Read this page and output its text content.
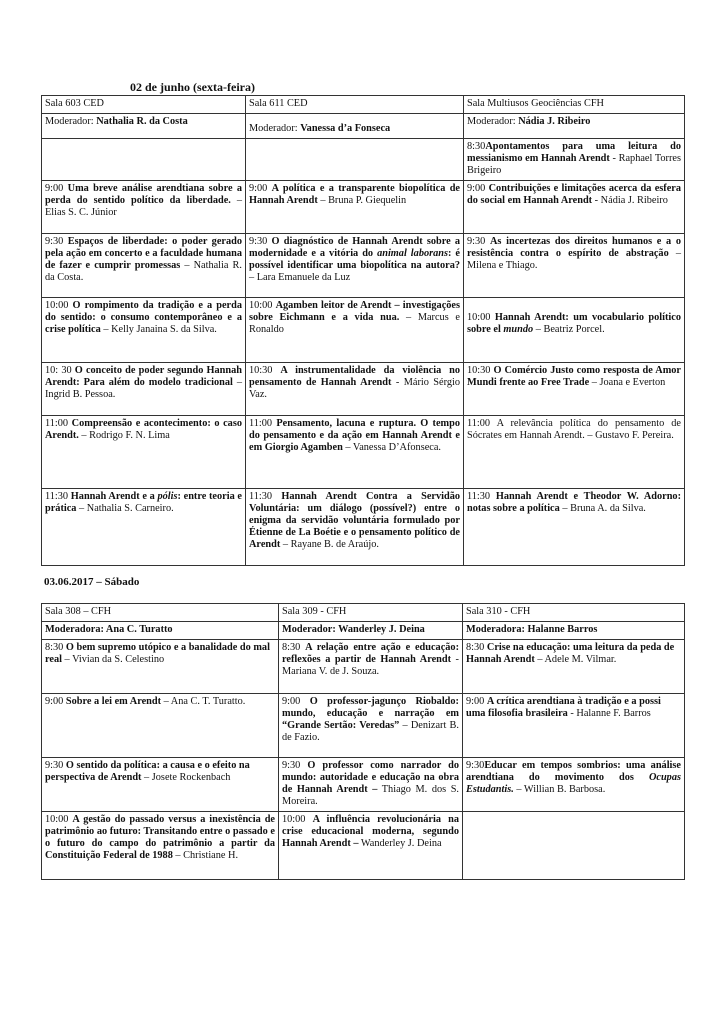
02 de junho (sexta-feira)
Sala 603 CED	Sala 611 CED	Sala Multiusos Geociências CFH
Moderador: Nathalia R. da Costa	Moderador: Vanessa d’a Fonseca	Moderador: Nádia J. Ribeiro
		8:30Apontamentos para uma leitura do messianismo em Hannah Arendt - Raphael Torres Brigeiro
9:00 Uma breve análise arendtiana sobre a perda do sentido político da liberdade. – Elias S. C. Júnior	9:00 A política e a transparente biopolítica de Hannah Arendt – Bruna P. Giequelin	9:00 Contribuições e limitações acerca da esfera do social em Hannah Arendt - Nádia J. Ribeiro
9:30 Espaços de liberdade: o poder gerado pela ação em concerto e a faculdade humana de fazer e cumprir promessas – Nathalia R. da Costa.	9:30 O diagnóstico de Hannah Arendt sobre a modernidade e a vitória do animal laborans: é possível identificar uma biopolítica na autora? – Lara Emanuele da Luz	9:30 As incertezas dos direitos humanos e a o resistência contra o espírito de abstração – Milena e Thiago.
10:00 O rompimento da tradição e a perda do sentido: o consumo contemporâneo e a crise política – Kelly Janaina S. da Silva.	10:00 Agamben leitor de Arendt – investigações sobre Eichmann e a vida nua. – Marcus e Ronaldo	10:00 Hannah Arendt: um vocabulario político sobre el mundo – Beatriz Porcel.
10: 30 O conceito de poder segundo Hannah Arendt: Para além do modelo tradicional – Ingrid B. Pessoa.	10:30 A instrumentalidade da violência no pensamento de Hannah Arendt - Mário Sérgio Vaz.	10:30 O Comércio Justo como resposta de Amor Mundi frente ao Free Trade – Joana e Everton
11:00 Compreensão e acontecimento: o caso Arendt. – Rodrigo F. N. Lima	11:00 Pensamento, lacuna e ruptura. O tempo do pensamento e da ação em Hannah Arendt e em Giorgio Agamben – Vanessa D’Afonseca.	11:00 A relevância política do pensamento de Sócrates em Hannah Arendt. – Gustavo F. Pereira.
11:30 Hannah Arendt e a pólis: entre teoria e prática – Nathalia S. Carneiro.	11:30 Hannah Arendt Contra a Servidão Voluntária: um diálogo (possível?) entre o enigma da servidão voluntária formulado por Étienne de La Boétie e o pensamento político de Arendt – Rayane B. de Araújo.	11:30 Hannah Arendt e Theodor W. Adorno: notas sobre a política – Bruna A. da Silva.
03.06.2017 – Sábado
Sala 308 – CFH	Sala 309 - CFH	Sala 310 - CFH
Moderadora: Ana C. Turatto	Moderador: Wanderley J. Deina	Moderadora: Halanne Barros
8:30 O bem supremo utópico e a banalidade do mal real – Vivian da S. Celestino	8:30 A relação entre ação e educação: reflexões a partir de Hannah Arendt - Mariana V. de J. Souza.	8:30 Crise na educação: uma leitura da peda de Hannah Arendt – Adele M. Vilmar.
9:00 Sobre a lei em Arendt – Ana C. T. Turatto.	9:00 O professor-jagunço Riobaldo: mundo, educação e narração em “Grande Sertão: Veredas” – Denizart B. de Fazio.	9:00 A crítica arendtiana à tradição e a possi uma filosofia brasileira - Halanne F. Barros
9:30 O sentido da política: a causa e o efeito na perspectiva de Arendt – Josete Rockenbach	9:30 O professor como narrador do mundo: autoridade e educação na obra de Hannah Arendt – Thiago M. dos S. Moreira.	9:30Educar em tempos sombrios: uma análise arendtiana do movimento dos Ocupas Estudantis. – Willian B. Barbosa.
10:00 A gestão do passado versus a inexistência de patrimônio ao futuro: Transitando entre o passado e o futuro do campo do patrimônio a partir da Constituição Federal de 1988 – Christiane H.	10:00 A influência revolucionária na crise educacional moderna, segundo Hannah Arendt – Wanderley J. Deina	
